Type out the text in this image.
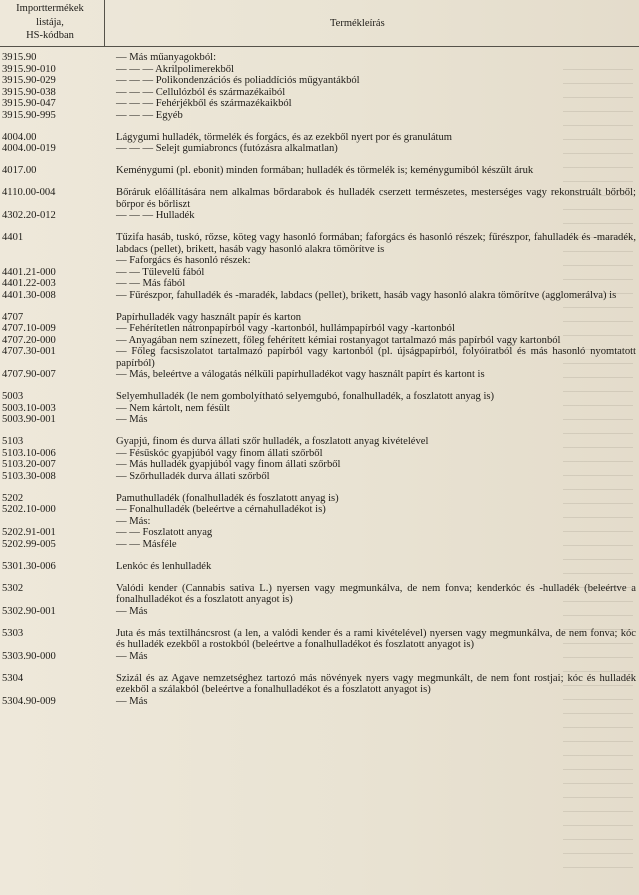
Importtermékek
listája,
HS-kódban
Termékleírás
3915.90	— Más műanyagokból:
3915.90-010	— — — Akrilpolimerekből
3915.90-029	— — — Polikondenzációs és poliaddíciós műgyantákból
3915.90-038	— — — Cellulózból és származékaiból
3915.90-047	— — — Fehérjékből és származékaikból
3915.90-995	— — — Egyéb
4004.00	Lágygumi hulladék, törmelék és forgács, és az ezekből nyert por és granulátum
4004.00-019	— — — Selejt gumiabroncs (futózásra alkalmatlan)
4017.00	Keménygumi (pl. ebonit) minden formában; hulladék és törmelék is; keménygumiból készült áruk
4110.00-004	Bőráruk előállítására nem alkalmas bőrdarabok és hulladék cserzett természetes, mesterséges vagy rekonstruált bőrből; bőrpor és bőrliszt
4302.20-012	— — — Hulladék
4401	Tűzifa hasáb, tuskó, rőzse, köteg vagy hasonló formában; faforgács és hasonló részek; fűrészpor, fahulladék és -maradék, labdacs (pellet), brikett, hasáb vagy hasonló alakra tömörítve is
— Faforgács és hasonló részek:
4401.21-000	— — Tűlevelű fából
4401.22-003	— — Más fából
4401.30-008	— Fűrészpor, fahulladék és -maradék, labdacs (pellet), brikett, hasáb vagy hasonló alakra tömörítve (agglomerálva) is
4707	Papírhulladék vagy használt papír és karton
4707.10-009	— Fehérítetlen nátronpapírból vagy -kartonból, hullámpapírból vagy -kartonból
4707.20-000	— Anyagában nem színezett, főleg fehérített kémiai rostanyagot tartalmazó más papírból vagy kartonból
4707.30-001	— Főleg facsiszolatot tartalmazó papírból vagy kartonból (pl. újságpapírból, folyóiratból és más hasonló nyomtatott papírból)
4707.90-007	— Más, beleértve a válogatás nélküli papírhulladékot vagy használt papírt és kartont is
5003	Selyemhulladék (le nem gombolyítható selyemgubó, fonalhulladék, a foszlatott anyag is)
5003.10-003	— Nem kártolt, nem fésült
5003.90-001	— Más
5103	Gyapjú, finom és durva állati szőr hulladék, a foszlatott anyag kivételével
5103.10-006	— Fésűskóc gyapjúból vagy finom állati szőrből
5103.20-007	— Más hulladék gyapjúból vagy finom állati szőrből
5103.30-008	— Szőrhulladék durva állati szőrből
5202	Pamuthulladék (fonalhulladék és foszlatott anyag is)
5202.10-000	— Fonalhulladék (beleértve a cérnahulladékot is)
— Más:
5202.91-001	— — Foszlatott anyag
5202.99-005	— — Másféle
5301.30-006	Lenkóc és lenhulladék
5302	Valódi kender (Cannabis sativa L.) nyersen vagy megmunkálva, de nem fonva; kenderkóc és -hulladék (beleértve a fonalhulladékot és a foszlatott anyagot is)
5302.90-001	— Más
5303	Juta és más textilháncsrost (a len, a valódi kender és a rami kivételével) nyersen vagy megmunkálva, de nem fonva; kóc és hulladék ezekből a rostokból (beleértve a fonalhulladékot és foszlatott anyagot is)
5303.90-000	— Más
5304	Szizál és az Agave nemzetséghez tartozó más növények nyers vagy megmunkált, de nem font rostjai; kóc és hulladék ezekből a szálakból (beleértve a fonalhulladékot és a foszlatott anyagot is)
5304.90-009	— Más
